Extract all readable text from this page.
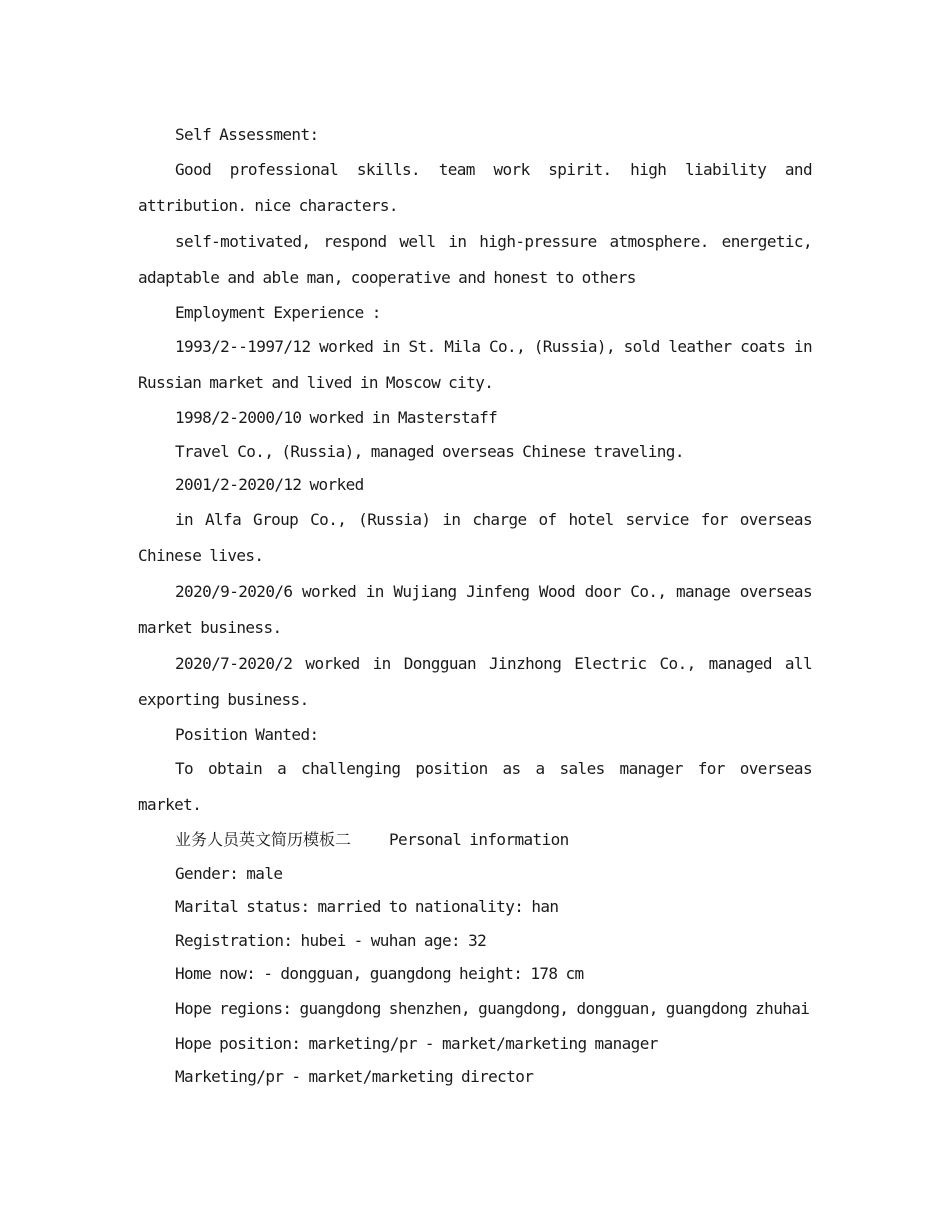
Self Assessment:

Good professional skills. team work spirit. high liability and attribution. nice characters.

self-motivated, respond well in high-pressure atmosphere. energetic, adaptable and able man, cooperative and honest to others

Employment Experience :

1993/2--1997/12 worked in St. Mila Co., (Russia), sold leather coats in Russian market and lived in Moscow city.

1998/2-2000/10 worked in Masterstaff

Travel Co., (Russia), managed overseas Chinese traveling.

2001/2-2020/12 worked

in Alfa Group Co., (Russia) in charge of hotel service for overseas Chinese lives.

2020/9-2020/6 worked in Wujiang Jinfeng Wood door Co., manage overseas market business.

2020/7-2020/2 worked in Dongguan Jinzhong Electric Co., managed all exporting business.

Position Wanted:

To obtain a challenging position as a sales manager for overseas market.

业务人员英文简历模板二 Personal information

Gender: male

Marital status: married to nationality: han

Registration: hubei - wuhan age: 32

Home now: - dongguan, guangdong height: 178 cm

Hope regions: guangdong shenzhen, guangdong, dongguan, guangdong zhuhai

Hope position: marketing/pr - market/marketing manager

Marketing/pr - market/marketing director
